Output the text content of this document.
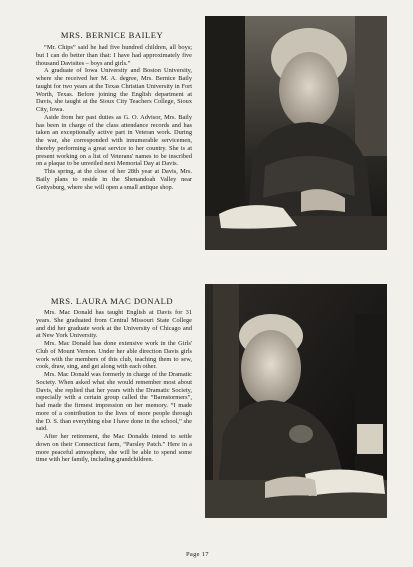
MRS. BERNICE BAILEY

“Mr. Chips” said he had five hundred children, all boys; but I can do better than that: I have had approximately five thousand Davisites – boys and girls.”

A graduate of Iowa University and Boston University, where she received her M. A. degree, Mrs. Bernice Baily taught for two years at the Texas Christian University in Fort Worth, Texas. Before joining the English department at Davis, she taught at the Sioux City Teachers College, Sioux City, Iowa.

Aside from her past duties as G. O. Advisor, Mrs. Baily has been in charge of the class attendance records and has taken an exceptionally active part in Veteran work. During the war, she corresponded with innumerable servicemen, thereby performing a great service to her country. She is at present working on a list of Veterans' names to be inscribed on a plaque to be unveiled next Memorial Day at Davis.

This spring, at the close of her 28th year at Davis, Mrs. Baily plans to reside in the Shenandoah Valley near Gettysburg, where she will open a small antique shop.

MRS. LAURA MAC DONALD

Mrs. Mac Donald has taught English at Davis for 31 years. She graduated from Central Missouri State College and did her graduate work at the University of Chicago and at New York University.

Mrs. Mac Donald has done extensive work in the Girls' Club of Mount Vernon. Under her able direction Davis girls work with the members of this club, teaching them to sew, cook, draw, sing, and get along with each other.

Mrs. Mac Donald was formerly in charge of the Dramatic Society. When asked what she would remember most about Davis, she replied that her years with the Dramatic Society, especially with a certain group called the “Barnstormers”, had made the firmest impression on her memory. “I made more of a contribution to the lives of more people through the D. S. than everything else I have done in the school,” she said.

After her retirement, the Mac Donalds intend to settle down on their Connecticut farm, “Parsley Patch.” Here in a more peaceful atmosphere, she will be able to spend some time with her family, including grandchildren.

Page 17
